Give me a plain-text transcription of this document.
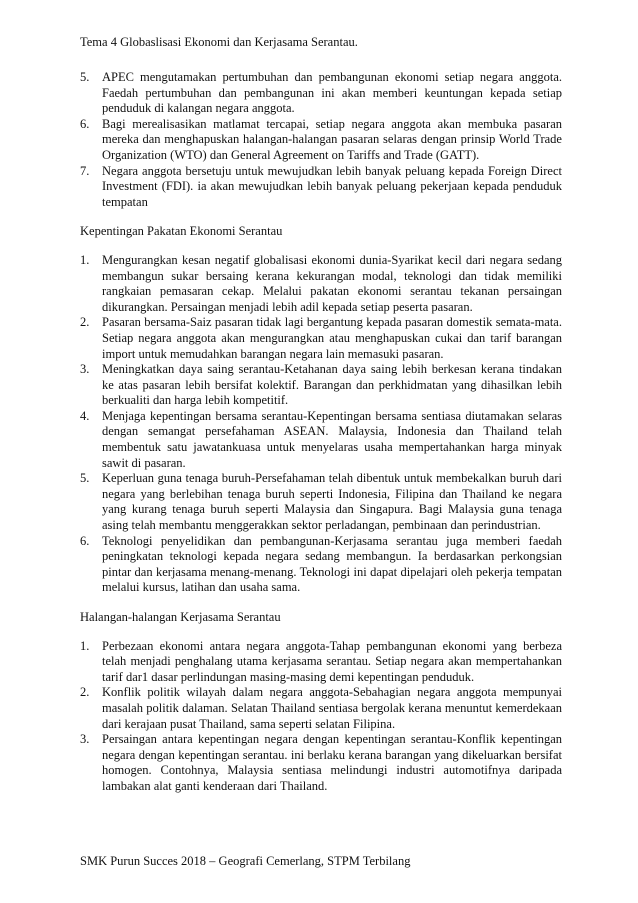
Tema 4 Globaslisasi Ekonomi dan Kerjasama Serantau.
5.	APEC mengutamakan pertumbuhan dan pembangunan ekonomi setiap negara anggota. Faedah pertumbuhan dan pembangunan ini akan memberi keuntungan kepada setiap penduduk di kalangan negara anggota.
6.	Bagi merealisasikan matlamat tercapai, setiap negara anggota akan membuka pasaran mereka dan menghapuskan halangan-halangan pasaran selaras dengan prinsip World Trade Organization (WTO) dan General Agreement on Tariffs and Trade (GATT).
7.	Negara anggota bersetuju untuk mewujudkan lebih banyak peluang kepada Foreign Direct Investment (FDI). ia akan mewujudkan lebih banyak peluang pekerjaan kepada penduduk tempatan
Kepentingan Pakatan Ekonomi Serantau
1.	Mengurangkan kesan negatif globalisasi ekonomi dunia-Syarikat kecil dari negara sedang membangun sukar bersaing kerana kekurangan modal, teknologi dan tidak memiliki rangkaian pemasaran cekap. Melalui pakatan ekonomi serantau tekanan persaingan dikurangkan. Persaingan menjadi lebih adil kepada setiap peserta pasaran.
2.	Pasaran bersama-Saiz pasaran tidak lagi bergantung kepada pasaran domestik semata-mata. Setiap negara anggota akan mengurangkan atau menghapuskan cukai dan tarif barangan import untuk memudahkan barangan negara lain memasuki pasaran.
3.	Meningkatkan daya saing serantau-Ketahanan daya saing lebih berkesan kerana tindakan ke atas pasaran lebih bersifat kolektif. Barangan dan perkhidmatan yang dihasilkan lebih berkualiti dan harga lebih kompetitif.
4.	Menjaga kepentingan bersama serantau-Kepentingan bersama sentiasa diutamakan selaras dengan semangat persefahaman ASEAN. Malaysia, Indonesia dan Thailand telah membentuk satu jawatankuasa untuk menyelaras usaha mempertahankan harga minyak sawit di pasaran.
5.	Keperluan guna tenaga buruh-Persefahaman telah dibentuk untuk membekalkan buruh dari negara yang berlebihan tenaga buruh seperti Indonesia, Filipina dan Thailand ke negara yang kurang tenaga buruh seperti Malaysia dan Singapura. Bagi Malaysia guna tenaga asing telah membantu menggerakkan sektor perladangan, pembinaan dan perindustrian.
6.	Teknologi penyelidikan dan pembangunan-Kerjasama serantau juga memberi faedah peningkatan teknologi kepada negara sedang membangun. Ia berdasarkan perkongsian pintar dan kerjasama menang-menang. Teknologi ini dapat dipelajari oleh pekerja tempatan melalui kursus, latihan dan usaha sama.
Halangan-halangan Kerjasama Serantau
1.	Perbezaan ekonomi antara negara anggota-Tahap pembangunan ekonomi yang berbeza telah menjadi penghalang utama kerjasama serantau. Setiap negara akan mempertahankan tarif dar1 dasar perlindungan masing-masing demi kepentingan penduduk.
2.	Konflik politik wilayah dalam negara anggota-Sebahagian negara anggota mempunyai masalah politik dalaman. Selatan Thailand sentiasa bergolak kerana menuntut kemerdekaan dari kerajaan pusat Thailand, sama seperti selatan Filipina.
3.	Persaingan antara kepentingan negara dengan kepentingan serantau-Konflik kepentingan negara dengan kepentingan serantau. ini berlaku kerana barangan yang dikeluarkan bersifat homogen. Contohnya, Malaysia sentiasa melindungi industri automotifnya daripada lambakan alat ganti kenderaan dari Thailand.
SMK Purun Succes 2018 – Geografi Cemerlang, STPM Terbilang
